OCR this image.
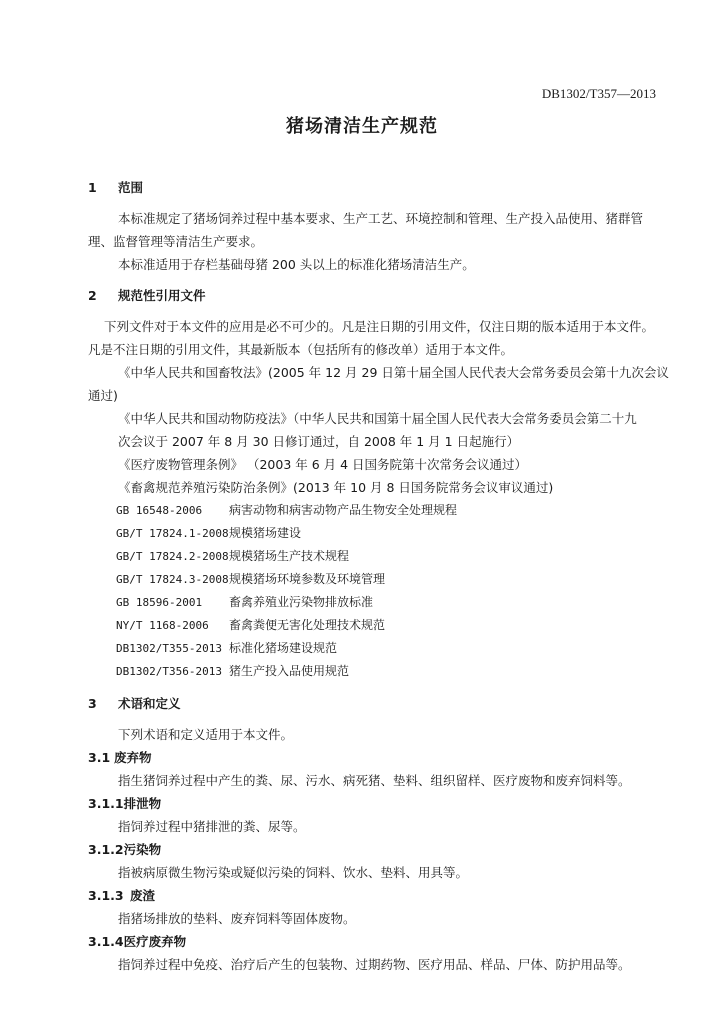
DB1302/T357—2013
猪场清洁生产规范
1 范围
本标准规定了猪场饲养过程中基本要求、生产工艺、环境控制和管理、生产投入品使用、猪群管
理、监督管理等清洁生产要求。
本标准适用于存栏基础母猪 200 头以上的标准化猪场清洁生产。
2 规范性引用文件
下列文件对于本文件的应用是必不可少的。凡是注日期的引用文件，仅注日期的版本适用于本文件。
凡是不注日期的引用文件，其最新版本（包括所有的修改单）适用于本文件。
《中华人民共和国畜牧法》(2005 年 12 月 29 日第十届全国人民代表大会常务委员会第十九次会议
通过)
《中华人民共和国动物防疫法》（中华人民共和国第十届全国人民代表大会常务委员会第二十九
次会议于 2007 年 8 月 30 日修订通过，自 2008 年 1 月 1 日起施行）
《医疗废物管理条例》 （2003 年 6 月 4 日国务院第十次常务会议通过）
《畜禽规范养殖污染防治条例》(2013 年 10 月 8 日国务院常务会议审议通过)
GB 16548-2006 病害动物和病害动物产品生物安全处理规程
GB/T 17824.1-2008规模猪场建设
GB/T 17824.2-2008规模猪场生产技术规程
GB/T 17824.3-2008规模猪场环境参数及环境管理
GB 18596-2001 畜禽养殖业污染物排放标准
NY/T 1168-2006 畜禽粪便无害化处理技术规范
DB1302/T355-2013 标准化猪场建设规范
DB1302/T356-2013 猪生产投入品使用规范
3 术语和定义
下列术语和定义适用于本文件。
3.1 废弃物
指生猪饲养过程中产生的粪、尿、污水、病死猪、垫料、组织留样、医疗废物和废弃饲料等。
3.1.1排泄物
指饲养过程中猪排泄的粪、尿等。
3.1.2污染物
指被病原微生物污染或疑似污染的饲料、饮水、垫料、用具等。
3.1.3 废渣
指猪场排放的垫料、废弃饲料等固体废物。
3.1.4医疗废弃物
指饲养过程中免疫、治疗后产生的包装物、过期药物、医疗用品、样品、尸体、防护用品等。
